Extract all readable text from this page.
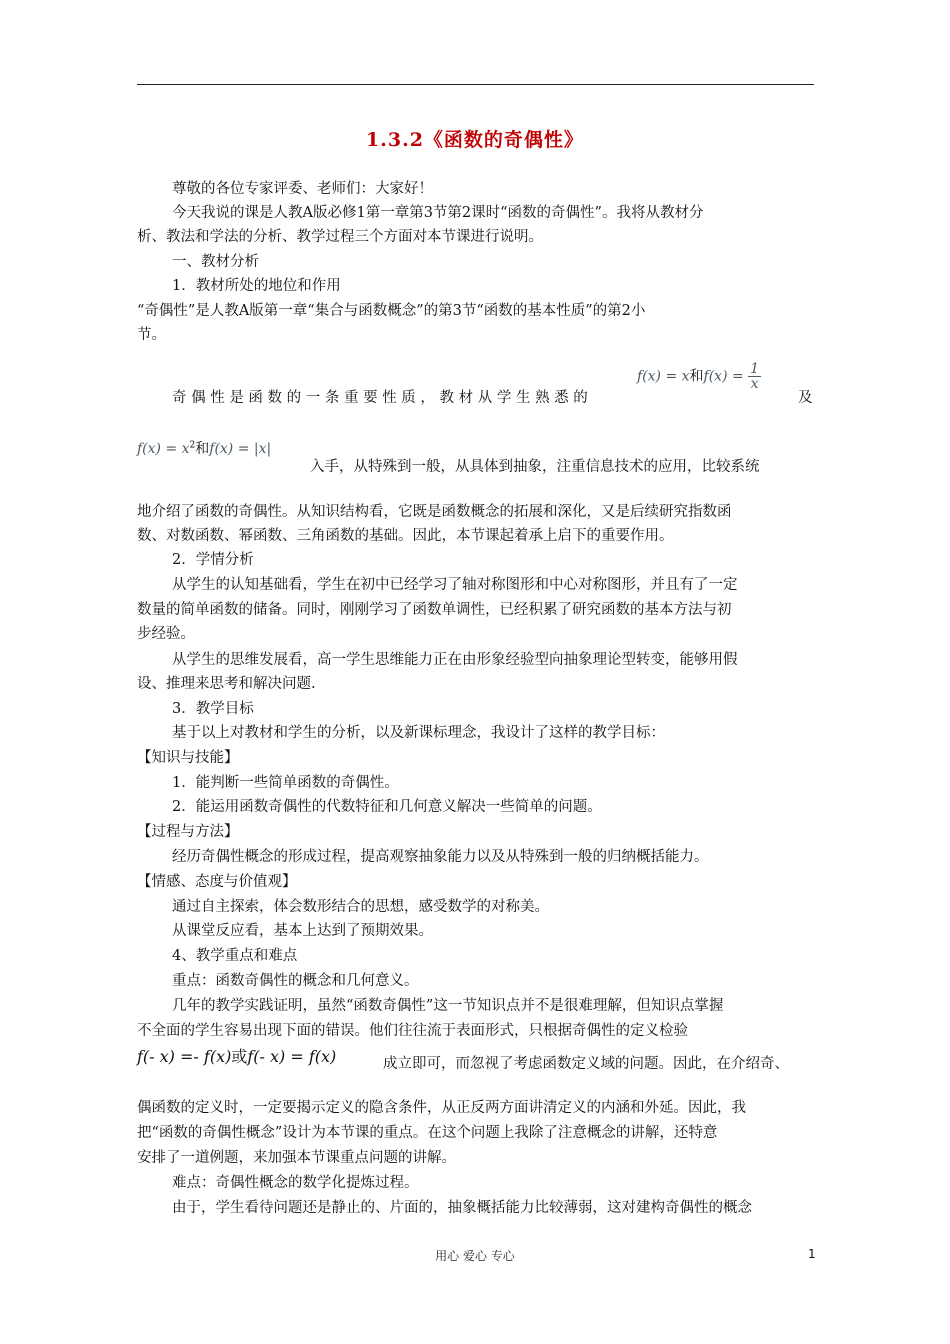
1.3.2《函数的奇偶性》
尊敬的各位专家评委、老师们：大家好！
今天我说的课是人教A版必修1第一章第3节第2课时“函数的奇偶性”。我将从教材分
析、教法和学法的分析、教学过程三个方面对本节课进行说明。
一、教材分析
1．教材所处的地位和作用
“奇偶性”是人教A版第一章“集合与函数概念”的第3节“函数的基本性质”的第2小
节。
奇 偶 性 是 函 数 的 一 条 重 要 性 质 ， 教 材 从 学 生 熟 悉 的
f(x) = x和$f(x) = \frac{1}{x}$
及
$f(x) = x^2$和f(x) = |x|
入手，从特殊到一般，从具体到抽象，注重信息技术的应用，比较系统
地介绍了函数的奇偶性。从知识结构看，它既是函数概念的拓展和深化，又是后续研究指数函
数、对数函数、幂函数、三角函数的基础。因此，本节课起着承上启下的重要作用。
2．学情分析
从学生的认知基础看，学生在初中已经学习了轴对称图形和中心对称图形，并且有了一定
数量的简单函数的储备。同时，刚刚学习了函数单调性，已经积累了研究函数的基本方法与初
步经验。
从学生的思维发展看，高一学生思维能力正在由形象经验型向抽象理论型转变，能够用假
设、推理来思考和解决问题.
3．教学目标
基于以上对教材和学生的分析，以及新课标理念，我设计了这样的教学目标：
【知识与技能】
1．能判断一些简单函数的奇偶性。
2．能运用函数奇偶性的代数特征和几何意义解决一些简单的问题。
【过程与方法】
经历奇偶性概念的形成过程，提高观察抽象能力以及从特殊到一般的归纳概括能力。
【情感、态度与价值观】
通过自主探索，体会数形结合的思想，感受数学的对称美。
从课堂反应看，基本上达到了预期效果。
4、教学重点和难点
重点：函数奇偶性的概念和几何意义。
几年的教学实践证明，虽然“函数奇偶性”这一节知识点并不是很难理解，但知识点掌握
不全面的学生容易出现下面的错误。他们往往流于表面形式，只根据奇偶性的定义检验
f(- x) =- f(x)或f(- x) = f(x)	成立即可，而忽视了考虑函数定义域的问题。因此，在介绍奇、
偶函数的定义时，一定要揭示定义的隐含条件，从正反两方面讲清定义的内涵和外延。因此，我
把“函数的奇偶性概念”设计为本节课的重点。在这个问题上我除了注意概念的讲解，还特意
安排了一道例题，来加强本节课重点问题的讲解。
难点：奇偶性概念的数学化提炼过程。
由于，学生看待问题还是静止的、片面的，抽象概括能力比较薄弱，这对建构奇偶性的概念
用心 爱心 专心	1
